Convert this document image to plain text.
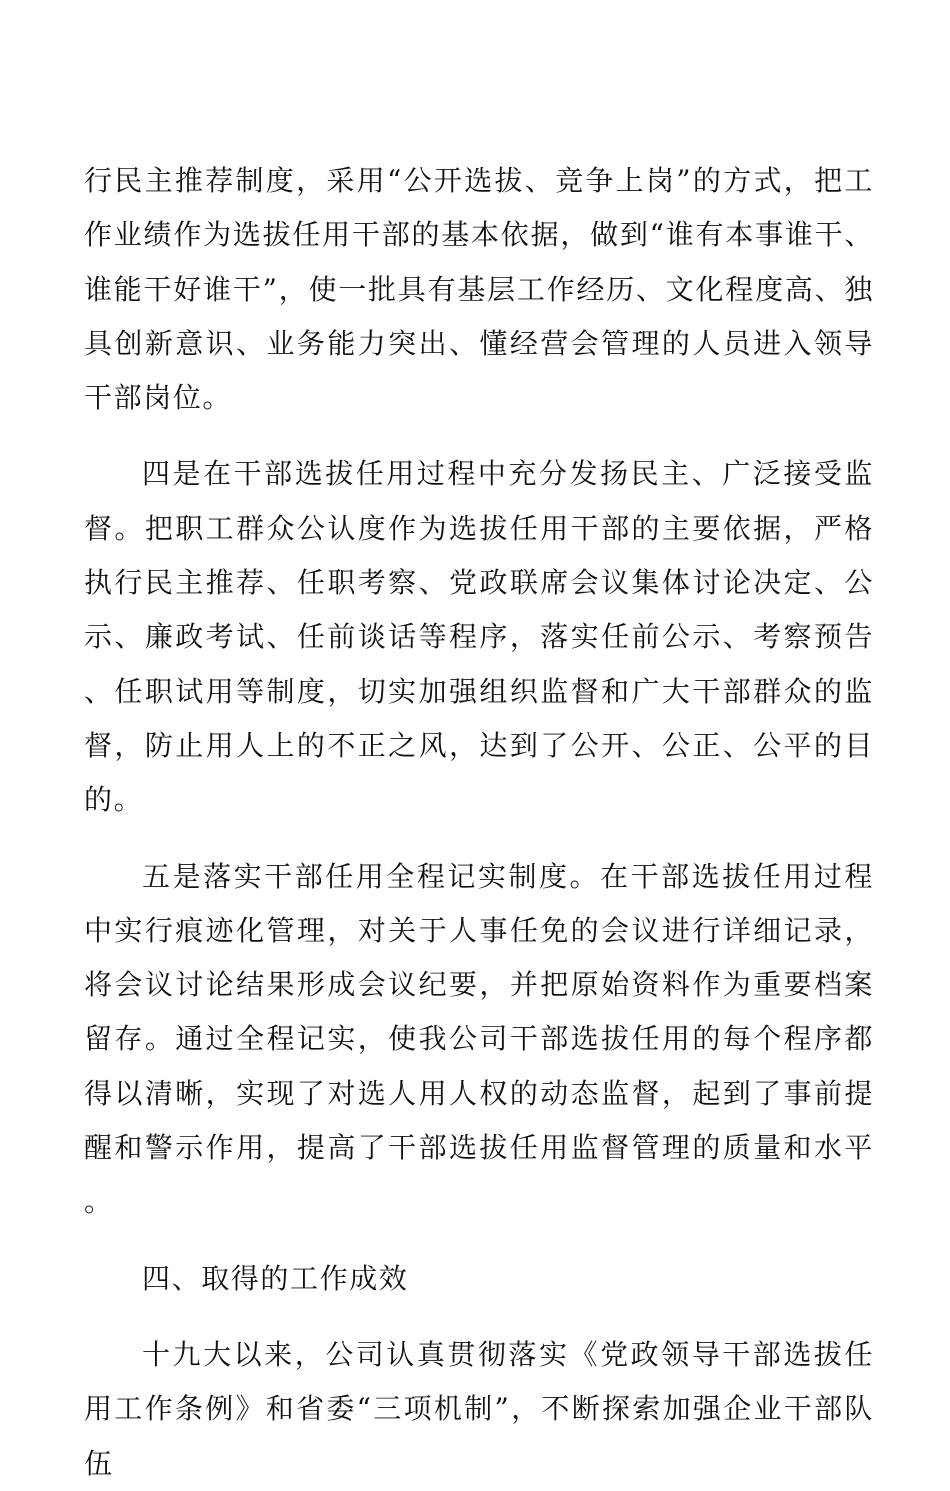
行民主推荐制度，采用“公开选拔、竞争上岗”的方式，把工作业绩作为选拔任用干部的基本依据，做到“谁有本事谁干、谁能干好谁干”，使一批具有基层工作经历、文化程度高、独具创新意识、业务能力突出、懂经营会管理的人员进入领导干部岗位。

四是在干部选拔任用过程中充分发扬民主、广泛接受监督。把职工群众公认度作为选拔任用干部的主要依据，严格执行民主推荐、任职考察、党政联席会议集体讨论决定、公示、廉政考试、任前谈话等程序，落实任前公示、考察预告、任职试用等制度，切实加强组织监督和广大干部群众的监督，防止用人上的不正之风，达到了公开、公正、公平的目的。

五是落实干部任用全程记实制度。在干部选拔任用过程中实行痕迹化管理，对关于人事任免的会议进行详细记录，将会议讨论结果形成会议纪要，并把原始资料作为重要档案留存。通过全程记实，使我公司干部选拔任用的每个程序都得以清晰，实现了对选人用人权的动态监督，起到了事前提醒和警示作用，提高了干部选拔任用监督管理的质量和水平。

四、取得的工作成效

十九大以来，公司认真贯彻落实《党政领导干部选拔任用工作条例》和省委“三项机制”，不断探索加强企业干部队伍
